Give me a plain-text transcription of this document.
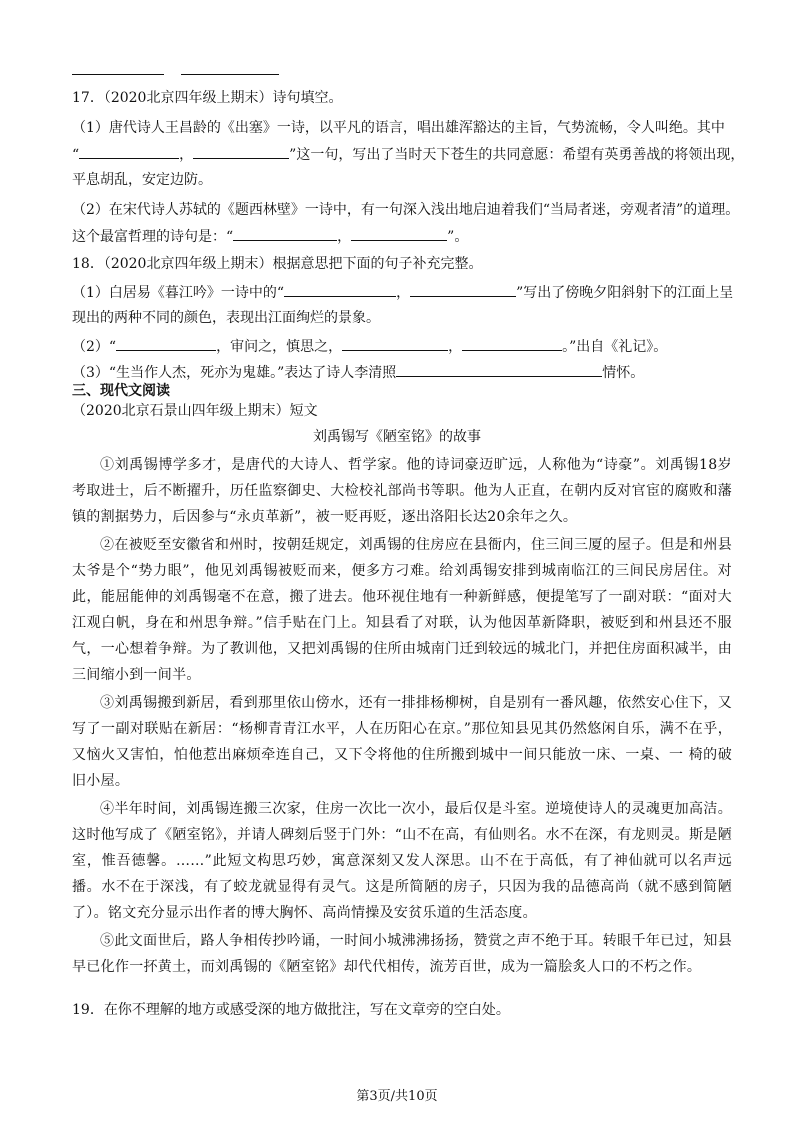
17．（2020北京四年级上期末）诗句填空。
（1）唐代诗人王昌龄的《出塞》一诗，以平凡的语言，唱出雄浑豁达的主旨，气势流畅，令人叫绝。其中
“	，	”这一句，写出了当时天下苍生的共同意愿：希望有英勇善战的将领出现，
平息胡乱，安定边防。
（2）在宋代诗人苏轼的《题西林壁》一诗中，有一句深入浅出地启迪着我们“当局者迷，旁观者清”的道理。
这个最富哲理的诗句是：“	，	”。
18．（2020北京四年级上期末）根据意思把下面的句子补充完整。
（1）白居易《暮江吟》一诗中的“	，	”写出了傍晚夕阳斜射下的江面上呈
现出的两种不同的颜色，表现出江面绚烂的景象。
（2）“	，审问之，慎思之，	，	。”出自《礼记》。
（3）“生当作人杰，死亦为鬼雄。”表达了诗人李清照	情怀。
三、现代文阅读
（2020北京石景山四年级上期末）短文
刘禹锡写《陋室铭》的故事

①刘禹锡博学多才，是唐代的大诗人、哲学家。他的诗词豪迈旷远，人称他为“诗豪”。刘禹锡18岁考取进士，后不断擢升，历任监察御史、大检校礼部尚书等职。他为人正直，在朝内反对官宦的腐败和藩镇的割据势力，后因参与“永贞革新”，被一贬再贬，逐出洛阳长达20余年之久。

②在被贬至安徽省和州时，按朝廷规定，刘禹锡的住房应在县衙内，住三间三厦的屋子。但是和州县太爷是个“势力眼”，他见刘禹锡被贬而来，便多方刁难。给刘禹锡安排到城南临江的三间民房居住。对此，能屈能伸的刘禹锡毫不在意，搬了进去。他环视住地有一种新鲜感，便提笔写了一副对联：“面对大江观白帆，身在和州思争辩。”信手贴在门上。知县看了对联，认为他因革新降职，被贬到和州县还不服气，一心想着争辩。为了教训他，又把刘禹锡的住所由城南门迁到较远的城北门，并把住房面积减半，由三间缩小到一间半。

③刘禹锡搬到新居，看到那里依山傍水，还有一排排杨柳树，自是别有一番风趣，依然安心住下，又写了一副对联贴在新居：“杨柳青青江水平，人在历阳心在京。”那位知县见其仍然悠闲自乐，满不在乎，又恼火又害怕，怕他惹出麻烦牵连自己，又下令将他的住所搬到城中一间只能放一床、一桌、一 椅的破旧小屋。

④半年时间，刘禹锡连搬三次家，住房一次比一次小，最后仅是斗室。逆境使诗人的灵魂更加高洁。这时他写成了《陋室铭》，并请人碑刻后竖于门外：“山不在高，有仙则名。水不在深，有龙则灵。斯是陋室，惟吾德馨。……”此短文构思巧妙，寓意深刻又发人深思。山不在于高低，有了神仙就可以名声远播。水不在于深浅，有了蛟龙就显得有灵气。这是所简陋的房子，只因为我的品德高尚（就不感到简陋了）。铭文充分显示出作者的博大胸怀、高尚情操及安贫乐道的生活态度。

⑤此文面世后，路人争相传抄吟诵，一时间小城沸沸扬扬，赞赏之声不绝于耳。转眼千年已过，知县早已化作一抔黄土，而刘禹锡的《陋室铭》却代代相传，流芳百世，成为一篇脍炙人口的不朽之作。

19．在你不理解的地方或感受深的地方做批注，写在文章旁的空白处。
第3页/共10页
